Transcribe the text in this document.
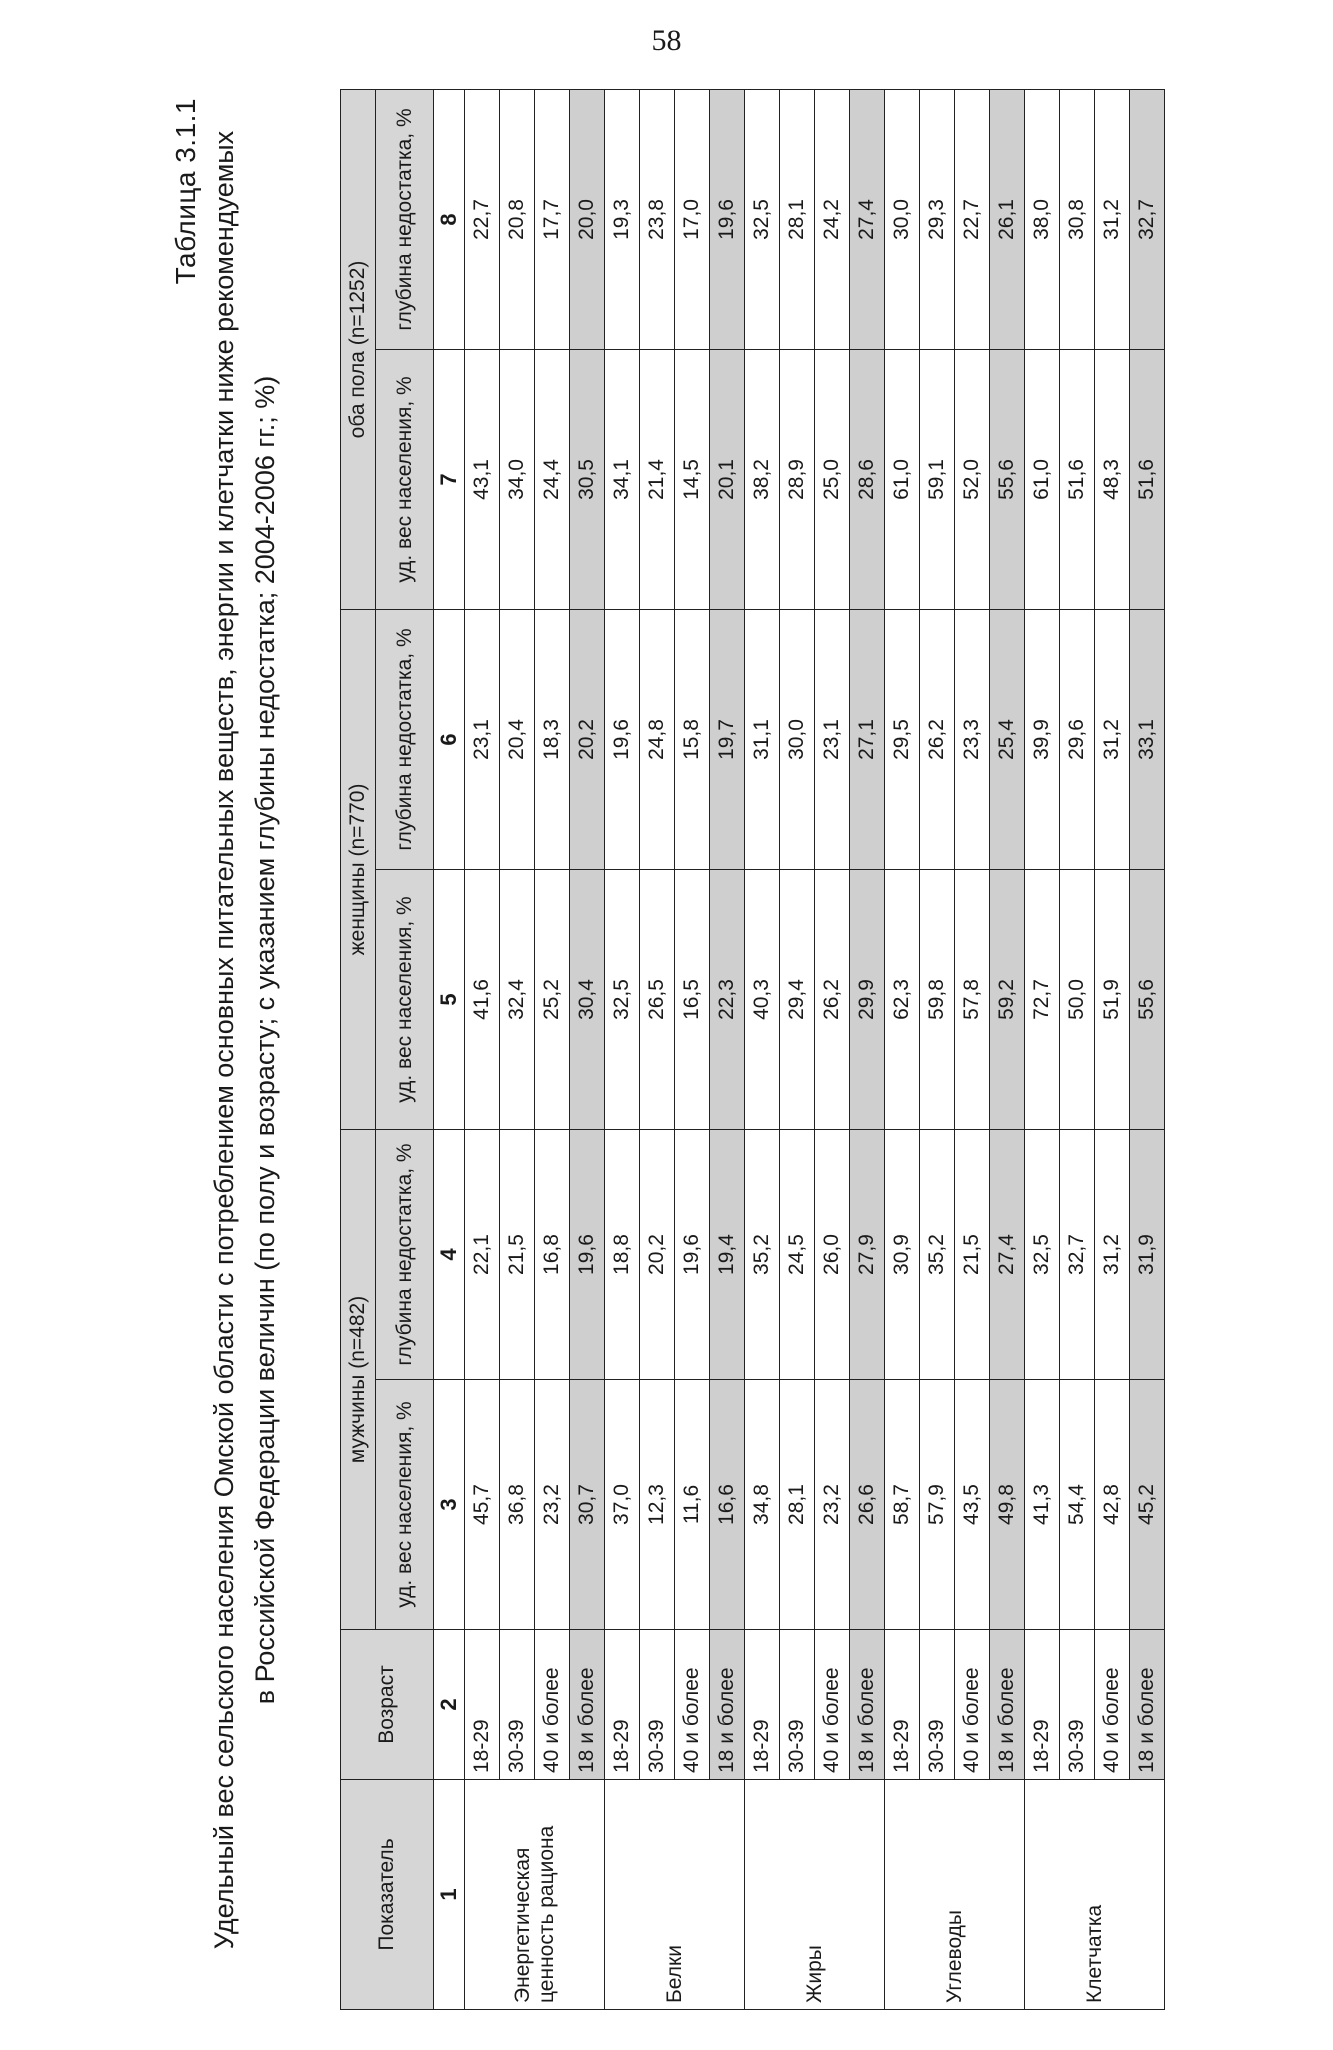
58
Таблица 3.1.1 Удельный вес сельского населения Омской области с потреблением основных питательных веществ, энергии и клетчатки ниже рекомендуемых в Российской Федерации величин (по полу и возрасту; с указанием глубины недостатка; 2004-2006 гг.; %)
Показатель	Возраст	мужчины (n=482)		женщины (n=770)		оба пола (n=1252)	
		уд. вес населения, %	глубина недостатка, %	уд. вес населения, %	глубина недостатка, %	уд. вес населения, %	глубина недостатка, %
1	2	3	4	5	6	7	8
Энергетическая ценность рациона	18-29	45,7	22,1	41,6	23,1	43,1	22,7
	30-39	36,8	21,5	32,4	20,4	34,0	20,8
	40 и более	23,2	16,8	25,2	18,3	24,4	17,7
	18 и более	30,7	19,6	30,4	20,2	30,5	20,0
Белки	18-29	37,0	18,8	32,5	19,6	34,1	19,3
	30-39	12,3	20,2	26,5	24,8	21,4	23,8
	40 и более	11,6	19,6	16,5	15,8	14,5	17,0
	18 и более	16,6	19,4	22,3	19,7	20,1	19,6
Жиры	18-29	34,8	35,2	40,3	31,1	38,2	32,5
	30-39	28,1	24,5	29,4	30,0	28,9	28,1
	40 и более	23,2	26,0	26,2	23,1	25,0	24,2
	18 и более	26,6	27,9	29,9	27,1	28,6	27,4
Углеводы	18-29	58,7	30,9	62,3	29,5	61,0	30,0
	30-39	57,9	35,2	59,8	26,2	59,1	29,3
	40 и более	43,5	21,5	57,8	23,3	52,0	22,7
	18 и более	49,8	27,4	59,2	25,4	55,6	26,1
Клетчатка	18-29	41,3	32,5	72,7	39,9	61,0	38,0
	30-39	54,4	32,7	50,0	29,6	51,6	30,8
	40 и более	42,8	31,2	51,9	31,2	48,3	31,2
	18 и более	45,2	31,9	55,6	33,1	51,6	32,7
